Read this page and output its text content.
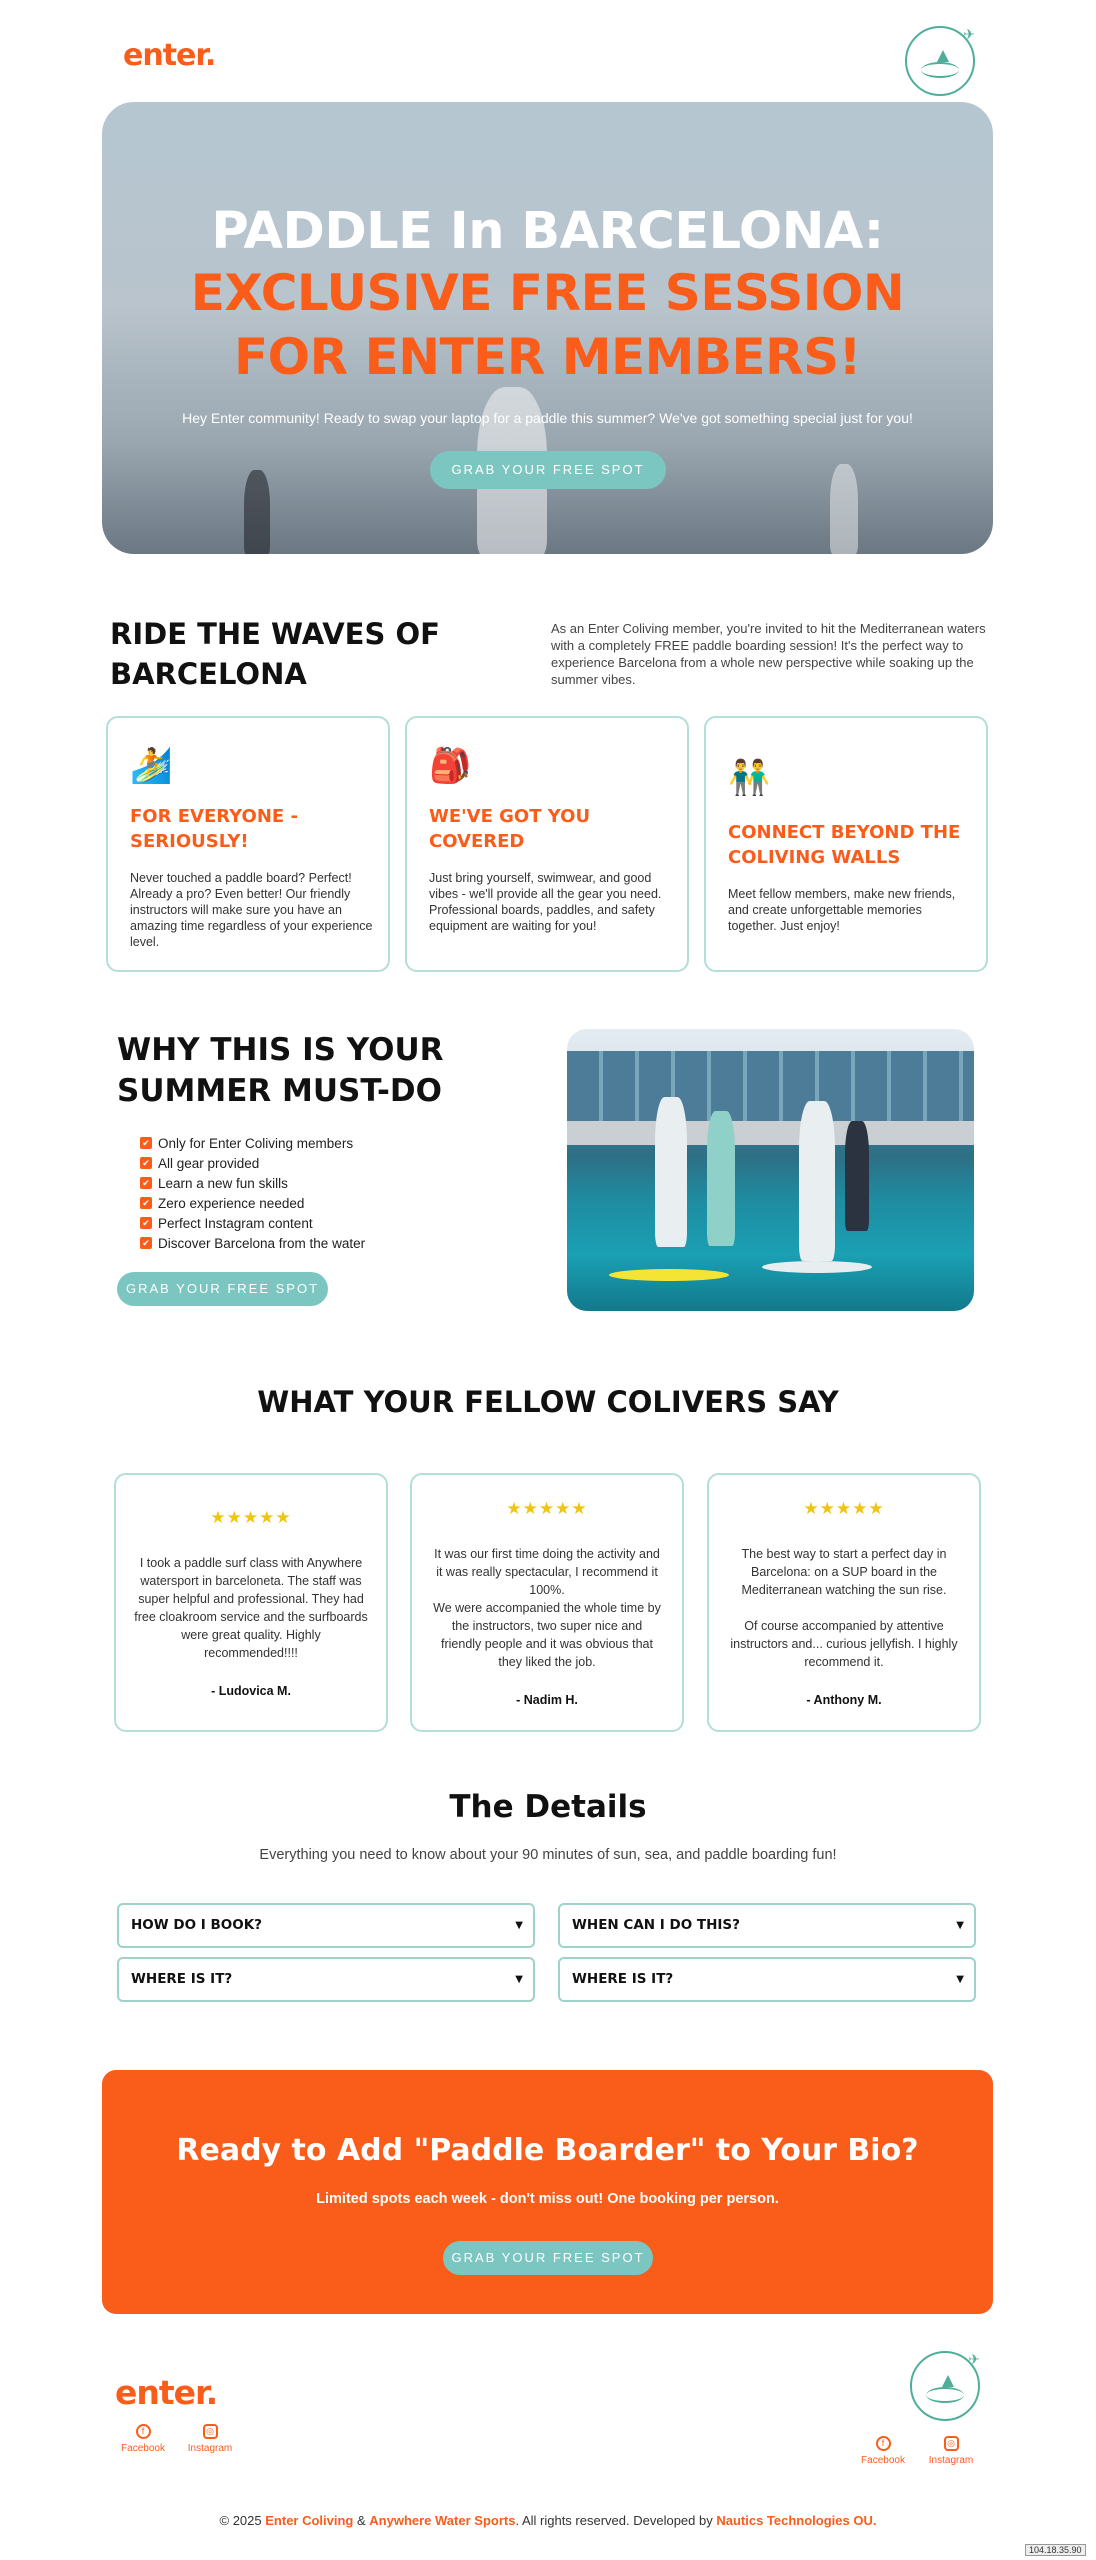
enter.
✈
PADDLE In BARCELONA:
EXCLUSIVE FREE SESSION
FOR ENTER MEMBERS!

Hey Enter community! Ready to swap your laptop for a paddle this summer? We've got something special just for you!

GRAB YOUR FREE SPOT
RIDE THE WAVES OF BARCELONA

As an Enter Coliving member, you're invited to hit the Mediterranean waters with a completely FREE paddle boarding session! It's the perfect way to experience Barcelona from a whole new perspective while soaking up the summer vibes.

🏄
FOR EVERYONE - SERIOUSLY!

Never touched a paddle board? Perfect! Already a pro? Even better! Our friendly instructors will make sure you have an amazing time regardless of your experience level.

🎒
WE'VE GOT YOU COVERED

Just bring yourself, swimwear, and good vibes - we'll provide all the gear you need. Professional boards, paddles, and safety equipment are waiting for you!

👬
CONNECT BEYOND THE COLIVING WALLS

Meet fellow members, make new friends, and create unforgettable memories together. Just enjoy!

WHY THIS IS YOUR SUMMER MUST-DO
✔ Only for Enter Coliving members
✔ All gear provided
✔ Learn a new fun skills
✔ Zero experience needed
✔ Perfect Instagram content
✔ Discover Barcelona from the water
GRAB YOUR FREE SPOT
WHAT YOUR FELLOW COLIVERS SAY
★★★★★
I took a paddle surf class with Anywhere watersport in barceloneta. The staff was super helpful and professional. They had free cloakroom service and the surfboards were great quality. Highly recommended!!!!
- Ludovica M.
★★★★★
It was our first time doing the activity and it was really spectacular, I recommend it 100%.
We were accompanied the whole time by the instructors, two super nice and friendly people and it was obvious that they liked the job.
- Nadim H.
★★★★★
The best way to start a perfect day in Barcelona: on a SUP board in the Mediterranean watching the sun rise.

Of course accompanied by attentive instructors and... curious jellyfish. I highly recommend it.
- Anthony M.
The Details

Everything you need to know about your 90 minutes of sun, sea, and paddle boarding fun!

HOW DO I BOOK?	▼	WHEN CAN I DO THIS?	▼
WHERE IS IT?	▼	WHERE IS IT?	▼
Ready to Add "Paddle Boarder" to Your Bio?

Limited spots each week - don't miss out! One booking per person.

GRAB YOUR FREE SPOT
enter.
✈
f
Facebook
◎
Instagram	f
Facebook
◎
Instagram

© 2025 Enter Coliving & Anywhere Water Sports. All rights reserved. Developed by Nautics Technologies OU.

104.18.35.90
